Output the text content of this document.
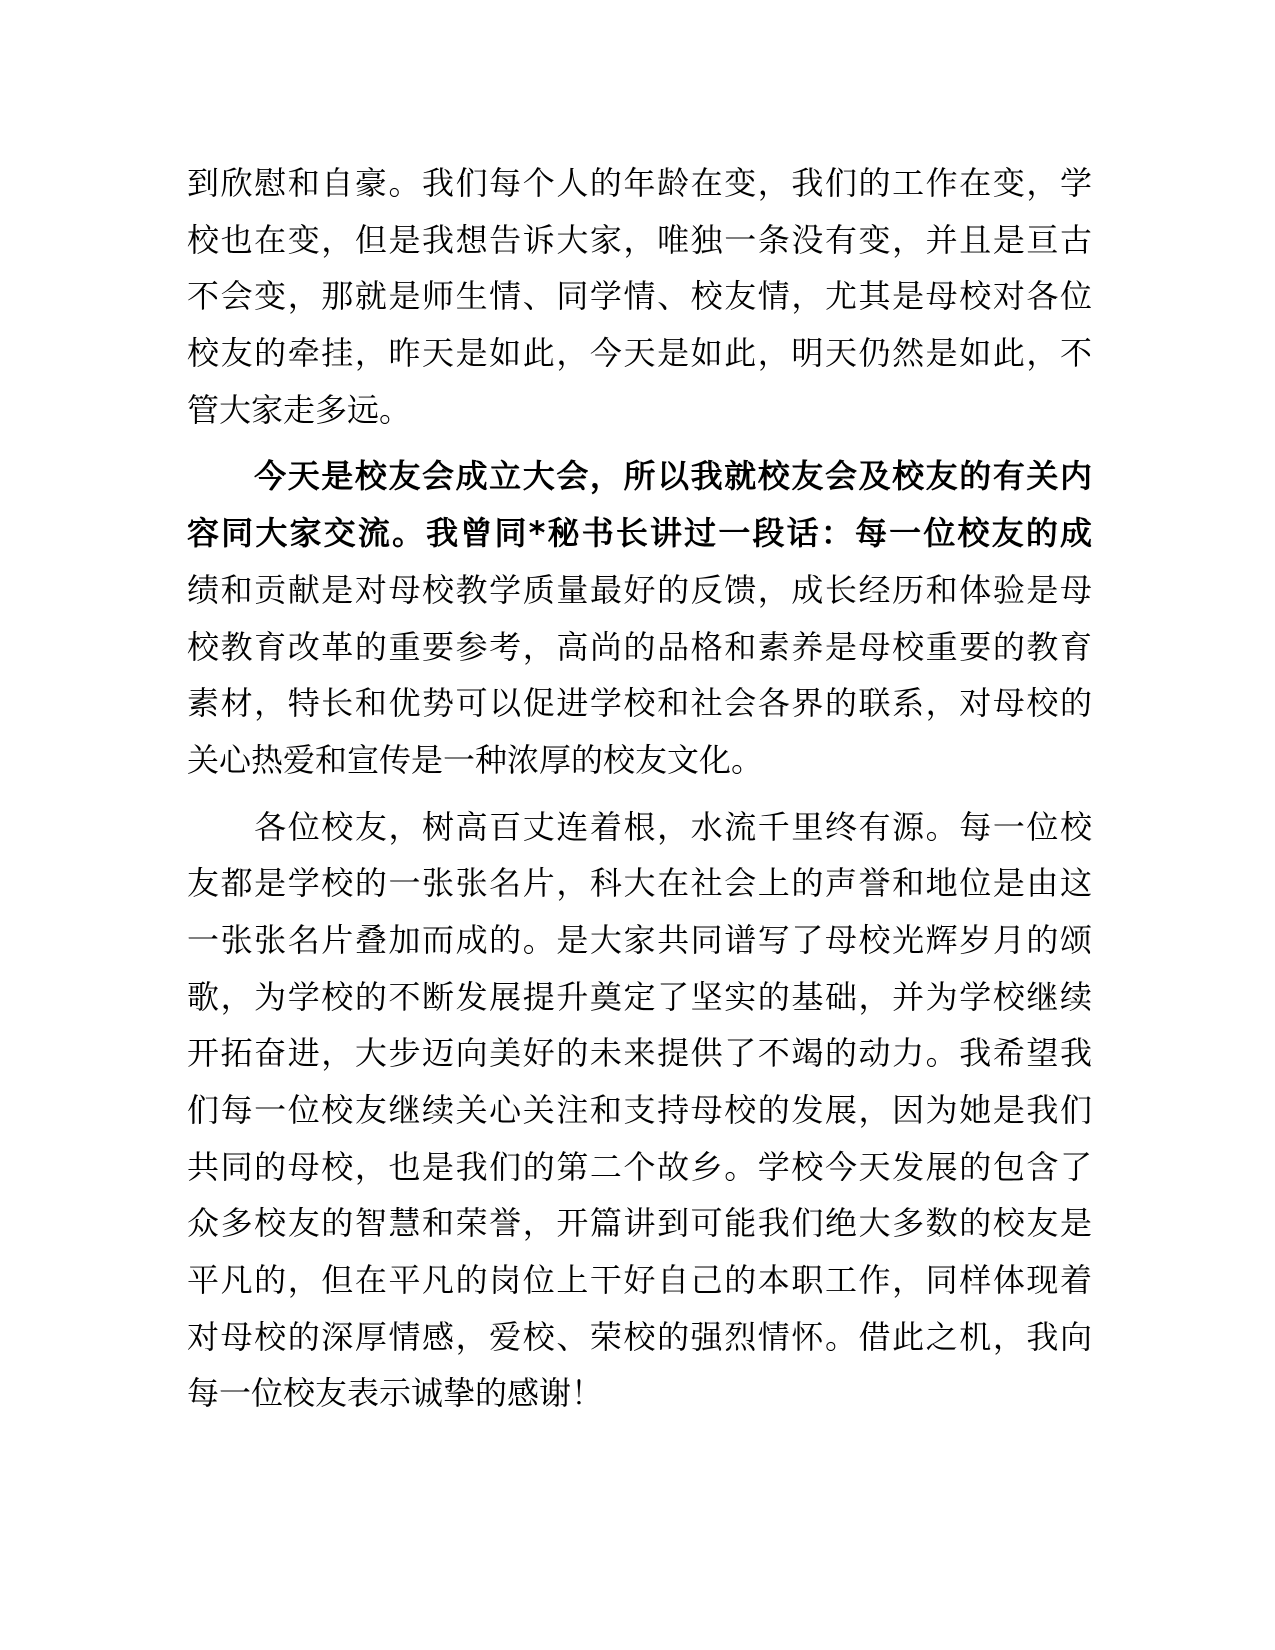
到欣慰和自豪。我们每个人的年龄在变，我们的工作在变，学
校也在变，但是我想告诉大家，唯独一条没有变，并且是亘古
不会变，那就是师生情、同学情、校友情，尤其是母校对各位
校友的牵挂，昨天是如此，今天是如此，明天仍然是如此，不
管大家走多远。
　　今天是校友会成立大会，所以我就校友会及校友的有关内
容同大家交流。我曾同*秘书长讲过一段话：每一位校友的成
绩和贡献是对母校教学质量最好的反馈，成长经历和体验是母
校教育改革的重要参考，高尚的品格和素养是母校重要的教育
素材，特长和优势可以促进学校和社会各界的联系，对母校的
关心热爱和宣传是一种浓厚的校友文化。
　　各位校友，树高百丈连着根，水流千里终有源。每一位校
友都是学校的一张张名片，科大在社会上的声誉和地位是由这
一张张名片叠加而成的。是大家共同谱写了母校光辉岁月的颂
歌，为学校的不断发展提升奠定了坚实的基础，并为学校继续
开拓奋进，大步迈向美好的未来提供了不竭的动力。我希望我
们每一位校友继续关心关注和支持母校的发展，因为她是我们
共同的母校，也是我们的第二个故乡。学校今天发展的包含了
众多校友的智慧和荣誉，开篇讲到可能我们绝大多数的校友是
平凡的，但在平凡的岗位上干好自己的本职工作，同样体现着
对母校的深厚情感，爱校、荣校的强烈情怀。借此之机，我向
每一位校友表示诚挚的感谢！
